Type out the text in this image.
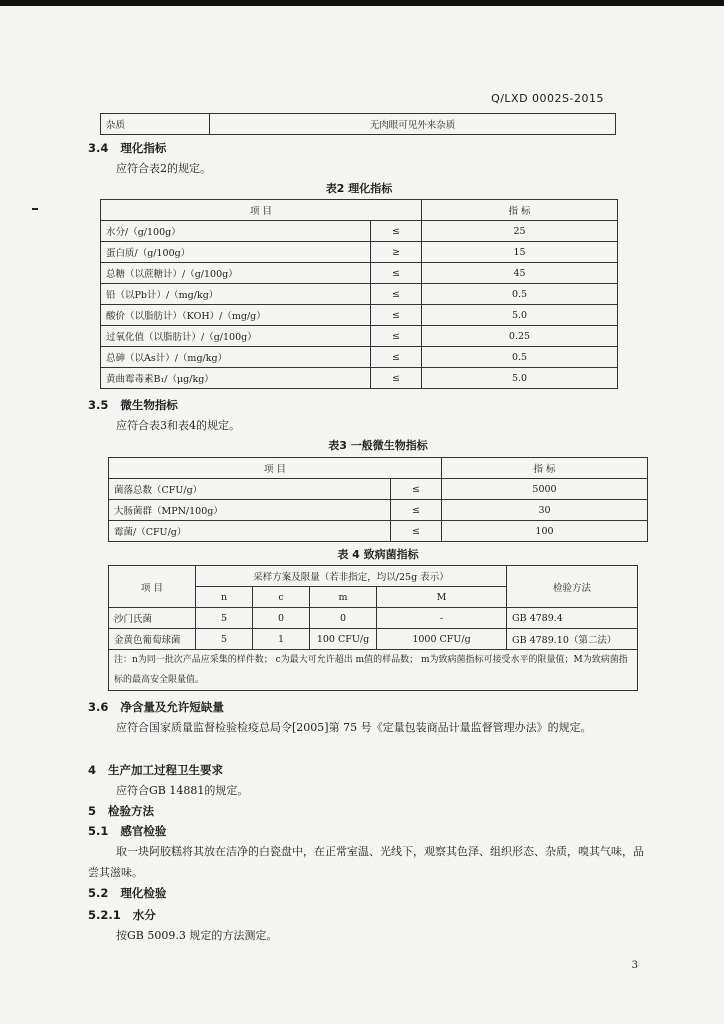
Q/LXD 0002S-2015
杂质	无肉眼可见外来杂质
3.4 理化指标
应符合表2的规定。
表2 理化指标
项 目		指 标
水分/（g/100g）	≤	25
蛋白质/（g/100g）	≥	15
总糖（以蔗糖计）/（g/100g）	≤	45
铅（以Pb计）/（mg/kg）	≤	0.5
酸价（以脂肪计）（KOH）/（mg/g）	≤	5.0
过氧化值（以脂肪计）/（g/100g）	≤	0.25
总砷（以As计）/（mg/kg）	≤	0.5
黄曲霉毒素B₁/（μg/kg）	≤	5.0
3.5 微生物指标
应符合表3和表4的规定。
表3 一般微生物指标
项 目		指 标
菌落总数（CFU/g）	≤	5000
大肠菌群（MPN/100g）	≤	30
霉菌/（CFU/g）	≤	100
表 4 致病菌指标
项 目	采样方案及限量（若非指定，均以/25g 表示）				检验方法
	n	c	m	M	
沙门氏菌	5	0	0	-	GB 4789.4
金黄色葡萄球菌	5	1	100 CFU/g	1000 CFU/g	GB 4789.10（第二法）
注：n为同一批次产品应采集的样件数； c为最大可允许超出 m值的样品数； m为致病菌指标可接受水平的限量值；M为致病菌指标的最高安全限量值。					
3.6 净含量及允许短缺量
应符合国家质量监督检验检疫总局令[2005]第 75 号《定量包装商品计量监督管理办法》的规定。
4 生产加工过程卫生要求
应符合GB 14881的规定。
5 检验方法
5.1 感官检验
取一块阿胶糕将其放在洁净的白瓷盘中，在正常室温、光线下，观察其色泽、组织形态、杂质，嗅其气味，品尝其滋味。
5.2 理化检验
5.2.1 水分
按GB 5009.3 规定的方法测定。
3
